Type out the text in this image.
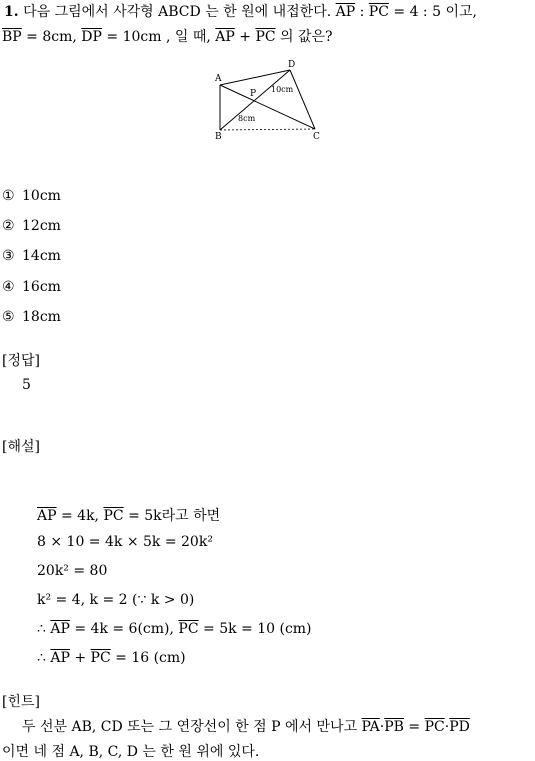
1. 다음 그림에서 사각형 ABCD 는 한 원에 내접한다. $\overline{AP}$ : $\overline{PC} = 4$ : 5 이고,
$\overline{BP} = 8cm$, $\overline{DP} = 10cm$ , 일 때, $\overline{AP} + \overline{PC}$ 의 값은?
A
B	C
D
P 10cm
8cm
① 10cm
② 12cm
③ 14cm
④ 16cm
⑤ 18cm
[정답]
5
[해설]
$\overline{AP} = 4k$, $\overline{PC} = 5k$라고 하면
8 × 10 = 4k × 5k = 20k²
20k² = 80
k² = 4, k = 2 (∵ k > 0)
∴ $\overline{AP} = 4k = 6(cm)$, $\overline{PC} = 5k = 10$ (cm)
∴ $\overline{AP} + \overline{PC} = 16$ (cm)
[힌트]
두 선분 AB, CD 또는 그 연장선이 한 점 P 에서 만나고 $\overline{PA}\cdot\overline{PB} = \overline{PC}\cdot\overline{PD}$
이면 네 점 A, B, C, D 는 한 원 위에 있다.
